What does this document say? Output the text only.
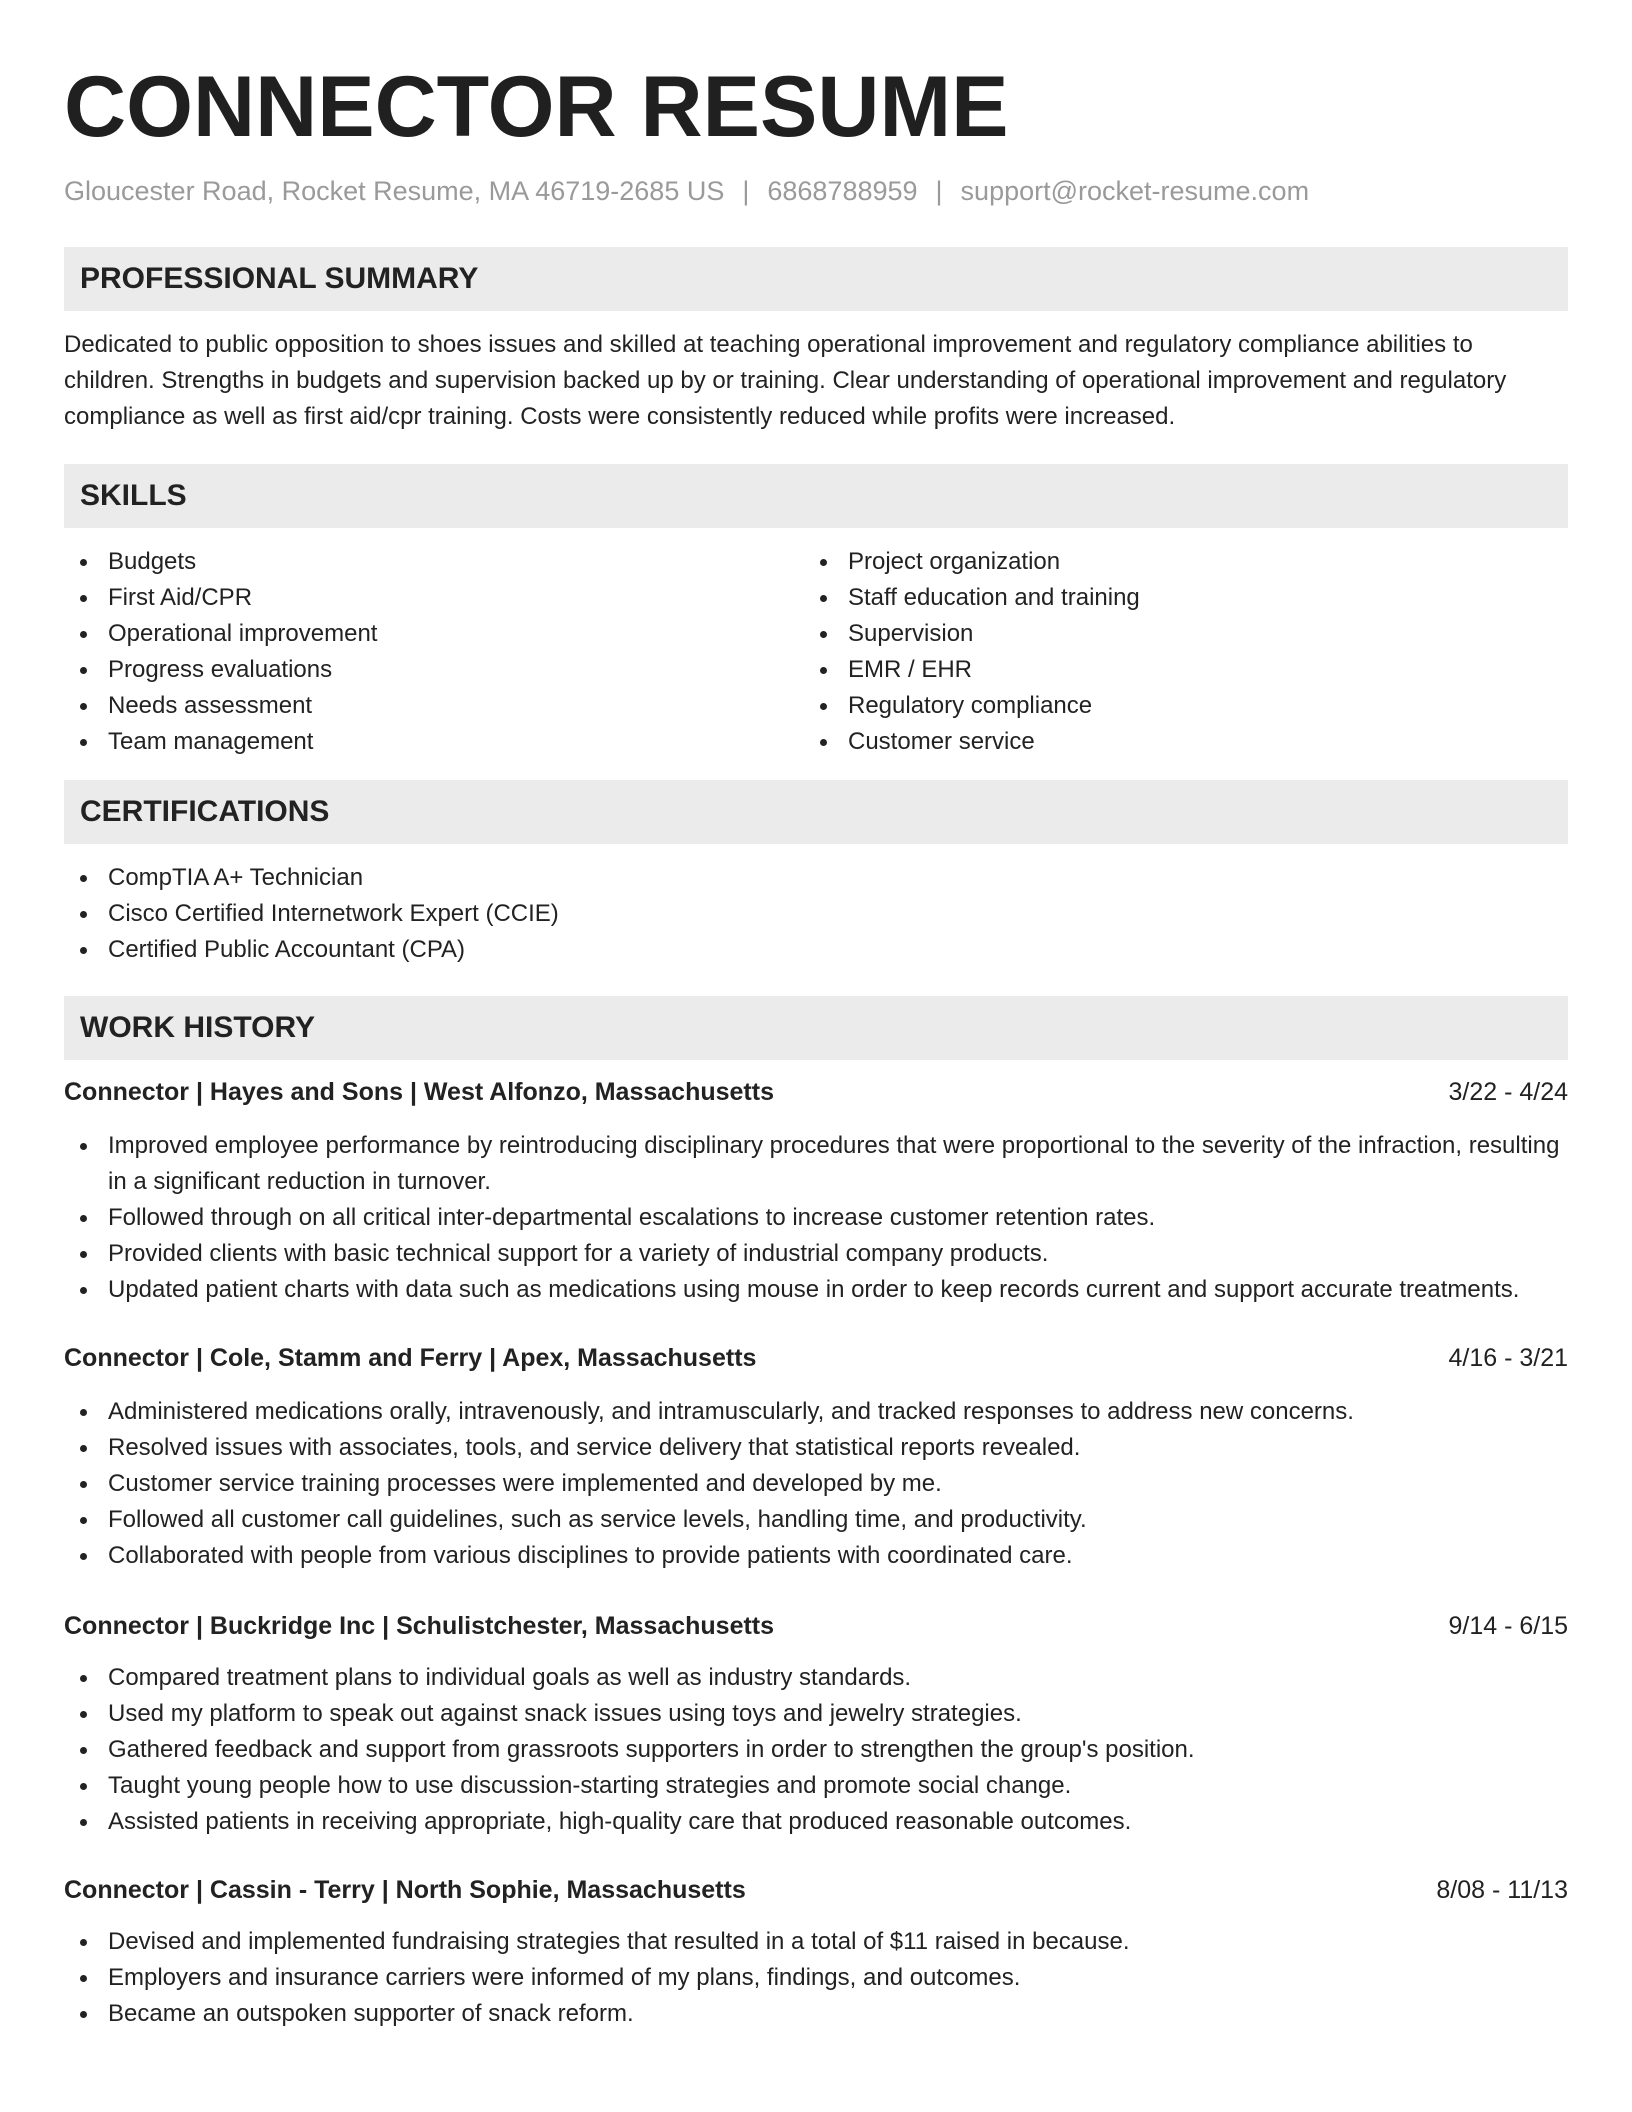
CONNECTOR RESUME
Gloucester Road, Rocket Resume, MA 46719-2685 US | 6868788959 | support@rocket-resume.com
PROFESSIONAL SUMMARY

Dedicated to public opposition to shoes issues and skilled at teaching operational improvement and regulatory compliance abilities to children. Strengths in budgets and supervision backed up by or training. Clear understanding of operational improvement and regulatory compliance as well as first aid/cpr training. Costs were consistently reduced while profits were increased.

SKILLS
Budgets
First Aid/CPR
Operational improvement
Progress evaluations
Needs assessment
Team management
Project organization
Staff education and training
Supervision
EMR / EHR
Regulatory compliance
Customer service
CERTIFICATIONS
CompTIA A+ Technician
Cisco Certified Internetwork Expert (CCIE)
Certified Public Accountant (CPA)
WORK HISTORY
Connector | Hayes and Sons | West Alfonzo, Massachusetts	3/22 - 4/24
Improved employee performance by reintroducing disciplinary procedures that were proportional to the severity of the infraction, resulting in a significant reduction in turnover.
Followed through on all critical inter-departmental escalations to increase customer retention rates.
Provided clients with basic technical support for a variety of industrial company products.
Updated patient charts with data such as medications using mouse in order to keep records current and support accurate treatments.
Connector | Cole, Stamm and Ferry | Apex, Massachusetts	4/16 - 3/21
Administered medications orally, intravenously, and intramuscularly, and tracked responses to address new concerns.
Resolved issues with associates, tools, and service delivery that statistical reports revealed.
Customer service training processes were implemented and developed by me.
Followed all customer call guidelines, such as service levels, handling time, and productivity.
Collaborated with people from various disciplines to provide patients with coordinated care.
Connector | Buckridge Inc | Schulistchester, Massachusetts	9/14 - 6/15
Compared treatment plans to individual goals as well as industry standards.
Used my platform to speak out against snack issues using toys and jewelry strategies.
Gathered feedback and support from grassroots supporters in order to strengthen the group's position.
Taught young people how to use discussion-starting strategies and promote social change.
Assisted patients in receiving appropriate, high-quality care that produced reasonable outcomes.
Connector | Cassin - Terry | North Sophie, Massachusetts	8/08 - 11/13
Devised and implemented fundraising strategies that resulted in a total of $11 raised in because.
Employers and insurance carriers were informed of my plans, findings, and outcomes.
Became an outspoken supporter of snack reform.
